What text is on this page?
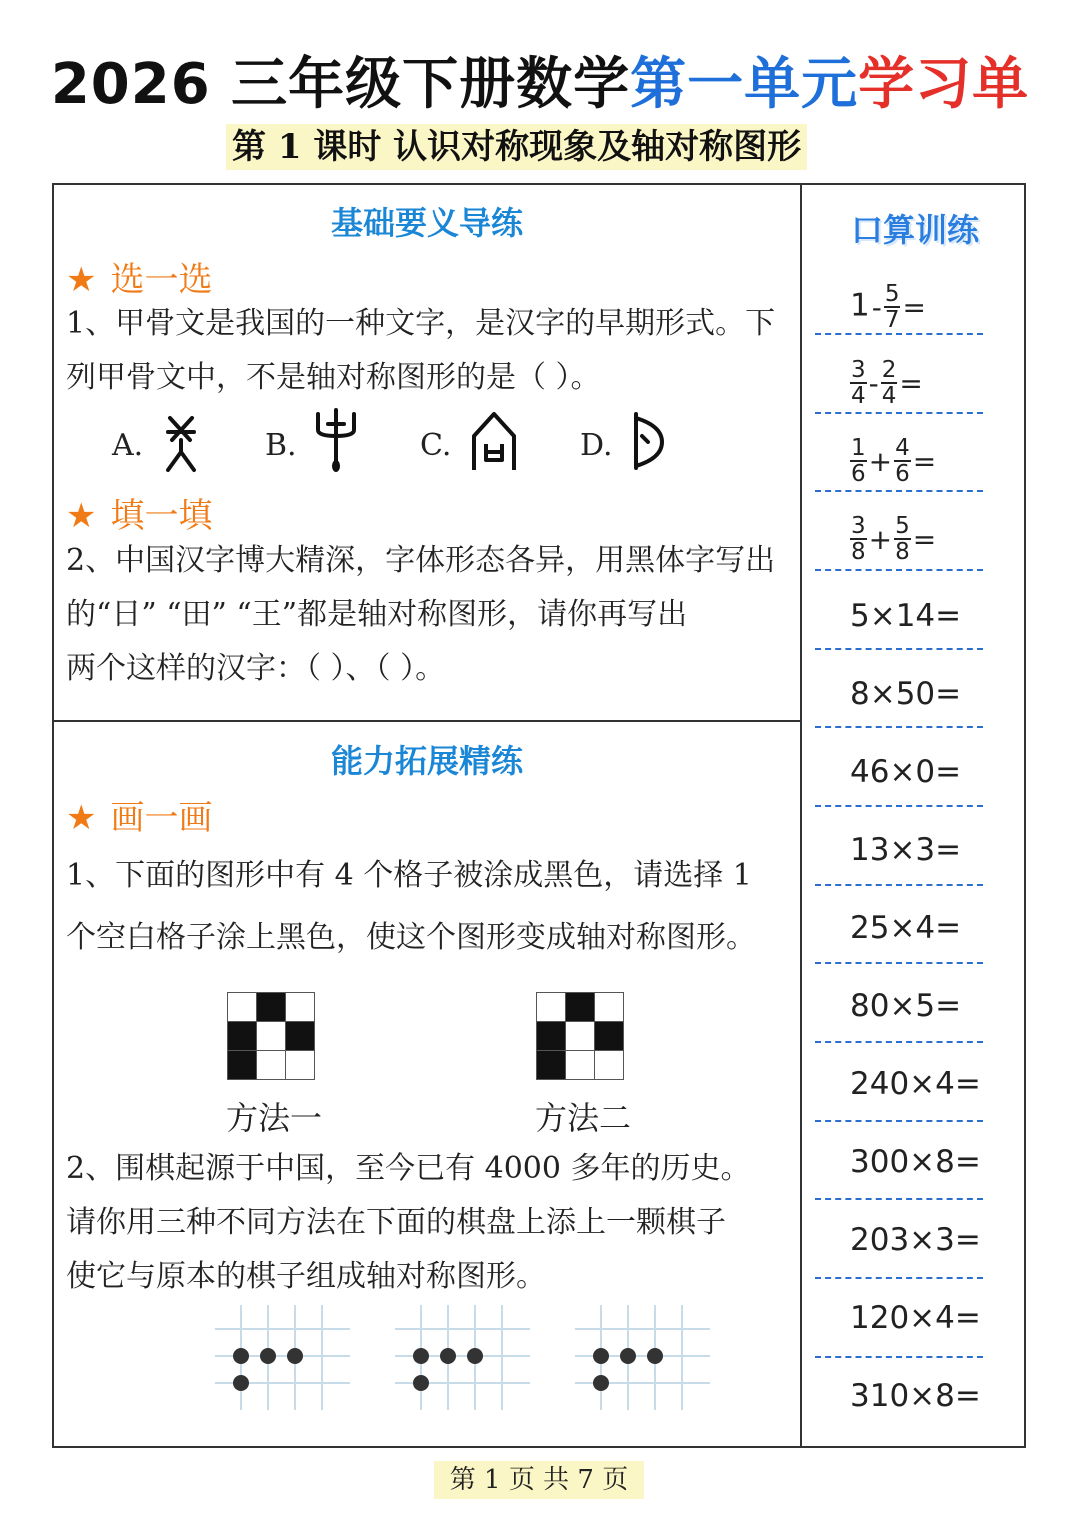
2026 三年级下册数学第一单元学习单
第 1 课时 认识对称现象及轴对称图形
基础要义导练
★ 选一选
1、甲骨文是我国的一种文字，是汉字的早期形式。下
列甲骨文中，不是轴对称图形的是（ ）。
A.	B.	C.	D.
★ 填一填
2、中国汉字博大精深，字体形态各异，用黑体字写出
的“日” “田” “王”都是轴对称图形，请你再写出
两个这样的汉字：（ ）、（ ）。
能力拓展精练
★ 画一画
1、下面的图形中有 4 个格子被涂成黑色，请选择 1
个空白格子涂上黑色，使这个图形变成轴对称图形。

方法一	方法二
2、围棋起源于中国，至今已有 4000 多年的历史。
请你用三种不同方法在下面的棋盘上添上一颗棋子
使它与原本的棋子组成轴对称图形。
口算训练
$1- \frac{5}{7}$ =
$\frac{3}{4} - \frac{2}{4}$ =
$\frac{1}{6} + \frac{4}{6}$ =
$\frac{3}{8} + \frac{5}{8}$ =
5×14=
8×50=
46×0=
13×3=
25×4=
80×5=
240×4=
300×8=
203×3=
120×4=
310×8=
第 1 页 共 7 页
